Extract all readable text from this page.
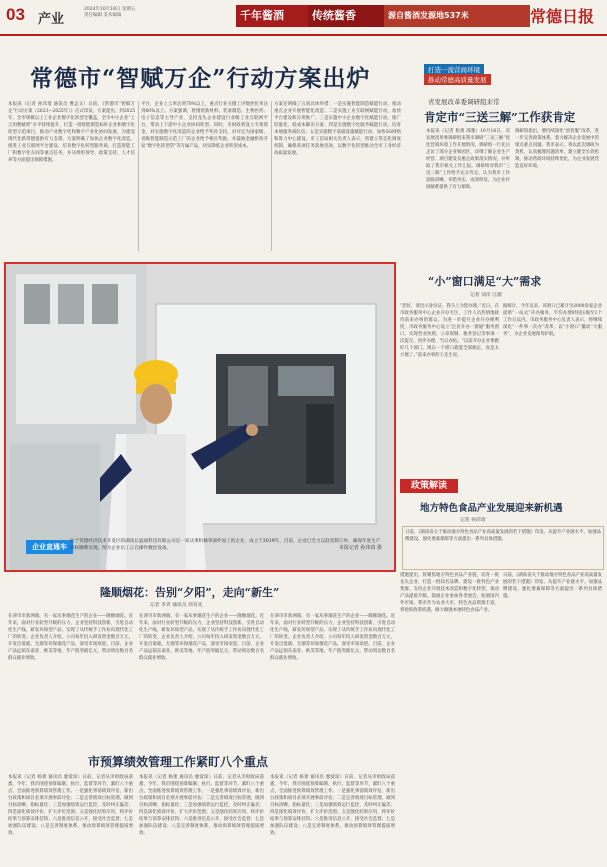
03 产业
2024年10月18日 星期五
责任编辑 美术编辑	千年酱酒	传统酱香	源自酱酒发源地537米	常德日报
常德市“智赋万企”行动方案出炉
本报讯（记者 孙玮琦 通讯员 曹孟文）日前，《常德市“智赋万企”行动方案（2023—2025年）》正式印发。方案提出，到2025年，全市规模以上工业企业数字化转型全覆盖，全市中小企业“上云用数赋智”水平持续提升，打造一批智能制造标杆企业和数字化转型示范项目，推动产业数字化和数字产业化协同发展，为建设现代化新常德提供有力支撑。方案明确了加快企业数字化改造、推进工业互联网平台建设、培育数字化转型服务商、打造智能工厂和数字化车间等重点任务，并从组织领导、政策支持、人才培养等方面提出保障措施。
平台，企业上云率达到70%以上，重点行业关键工序数控化率达到60%以上。方案强调，将围绕新材料、装备制造、生物医药、电子信息等主导产业，支持龙头企业建设行业级工业互联网平台，带动上下游中小企业协同转型。同时，市财政将设立专项资金，对实施数字化改造的企业给予奖补支持，对评定为国家级、省级智能制造示范工厂的企业给予相应奖励，并鼓励金融机构开发“数字化转型贷”等专属产品，切实降低企业转型成本。
方案还明确了五项具体举措：一是实施智能制造赋能行动，推动重点企业开展智能化改造；二是实施工业互联网赋能行动，加快平台建设和应用推广；三是实施中小企业数字化赋能行动，推广轻量化、低成本解决方案；四是实施数字化服务赋能行动，培育本地服务商队伍；五是实施数字基础设施赋能行动，加快5G网络和算力中心建设。市工信局相关负责人表示，将建立常态化调度机制，确保各项任务落地见效，以数字化转型推动全市工业经济高质量发展。
打造一流营商环境
推动常德高质量发展
省发展改革委调研组来常
肯定市“三送三解”工作获肯定
本报讯（记者 杨蕾 邵雅）10月16日，省发展改革委调研组来我市调研“三送三解”优化营商环境工作开展情况。调研组一行先后走访了部分企业和园区，详细了解企业生产经营、项目建设及惠企政策落实情况，并听取了我市相关工作汇报。调研组对我市“三送三解”工作给予充分肯定，认为我市工作思路清晰、举措务实、成效明显，为企业纾困解难提供了有力保障。
调研组指出，要持续深化“放管服”改革，进一步完善政策体系，着力解决企业发展中的堵点难点问题。我市表示，将以此次调研为契机，认真梳理问题清单，建立健全长效机制，推动营商环境持续优化，为企业发展营造良好环境。
企业直通车
位于常德经济技术开发区的湖南长盛通科技有限公司是一家从事机械零部件加工的企业，成立于2019年。目前，企业已全力以赴赶制订单，确保年度生产目标顺利实现。图为企业员工正在操作数控设备。	本报记者 孙玮琦 摄
“小”窗口满足“大”需求
记者 刘洋 江薇
“您好，请出示身份证，我马上为您办理。”近日，在市政务服务中心企业开办专区，工作人员热情地接待前来办事的群众。为进一步提升企业开办便利度，市政务服务中心设立“企业开办一窗通”服务窗口，实现营业执照、公章刻制、税务登记等事项一次提交、同步办理、当日办结。“以前开办企业要跑好几个部门，现在一个窗口就能全部搞定，真是太方便了。”前来办事的王先生说。
据统计，今年以来，该窗口已累计为2000余家企业提供“一站式”开办服务，平均办理时间压缩至1个工作日以内。市政务服务中心负责人表示，将继续深化“一件事一次办”改革，以“小窗口”撬动“大服务”，为企业发展保驾护航。
政策解读
地方特色食品产业发展迎来新机遇
记者 孙玮琦
日前，《湖南省关于推动地方特色食品产业高质量发展的若干措施》印发，从提升产业链水平、加强品牌建设、强化要素保障等方面提出一系列具体措施。
措施提出，将聚焦地方特色食品产业链，培育一批龙头企业，打造一批知名品牌，建设一批特色产业集群。支持企业开展技术改造和数字化转型，推动产品提质升级。鼓励企业参加各类展会，拓展国内外市场。我市作为农业大市，特色食品资源丰富，将抢抓政策机遇，做大做强本地特色食品产业。
日前，《湖南省关于推动地方特色食品产业高质量发展的若干措施》印发，从提升产业链水平、加强品牌建设、强化要素保障等方面提出一系列具体措施。
隆顺烟花：告别“夕阳”，走向“新生”
记者 李青 通讯员 周育先
在津市市新洲镇，有一家从事烟花生产的企业——隆顺烟花。近年来，面对行业转型升级的压力，企业坚持科技创新，引进自动化生产线，研发环保型产品，实现了从传统手工作坊向现代化工厂的转变。企业负责人介绍，公司每年投入研发资金数百万元，开发出低硫、无烟等环保烟花产品，深受市场欢迎。目前，企业产品远销东南亚、欧美等地，年产值突破亿元，带动周边数百名群众就业增收。
在津市市新洲镇，有一家从事烟花生产的企业——隆顺烟花。近年来，面对行业转型升级的压力，企业坚持科技创新，引进自动化生产线，研发环保型产品，实现了从传统手工作坊向现代化工厂的转变。企业负责人介绍，公司每年投入研发资金数百万元，开发出低硫、无烟等环保烟花产品，深受市场欢迎。目前，企业产品远销东南亚、欧美等地，年产值突破亿元，带动周边数百名群众就业增收。
在津市市新洲镇，有一家从事烟花生产的企业——隆顺烟花。近年来，面对行业转型升级的压力，企业坚持科技创新，引进自动化生产线，研发环保型产品，实现了从传统手工作坊向现代化工厂的转变。企业负责人介绍，公司每年投入研发资金数百万元，开发出低硫、无烟等环保烟花产品，深受市场欢迎。目前，企业产品远销东南亚、欧美等地，年产值突破亿元，带动周边数百名群众就业增收。
市预算绩效管理工作紧盯八个重点
本报讯（记者 杨蕾 通讯员 廖爱琼）日前，记者从市财政局获悉，今年，我市围绕预算编制、执行、监督等环节，紧盯八个重点，全面推进预算绩效管理工作。一是强化事前绩效评估，新出台政策和项目必须开展事前评估；二是完善绩效目标管理，做到目标清晰、指标量化；三是加强绩效运行监控，及时纠正偏差；四是深化绩效评价，扩大评价范围；五是强化结果应用，将评价结果与预算安排挂钩；六是推进信息公开，接受社会监督；七是加强队伍建设；八是完善制度体系，推动预算绩效管理提质增效。
本报讯（记者 杨蕾 通讯员 廖爱琼）日前，记者从市财政局获悉，今年，我市围绕预算编制、执行、监督等环节，紧盯八个重点，全面推进预算绩效管理工作。一是强化事前绩效评估，新出台政策和项目必须开展事前评估；二是完善绩效目标管理，做到目标清晰、指标量化；三是加强绩效运行监控，及时纠正偏差；四是深化绩效评价，扩大评价范围；五是强化结果应用，将评价结果与预算安排挂钩；六是推进信息公开，接受社会监督；七是加强队伍建设；八是完善制度体系，推动预算绩效管理提质增效。
本报讯（记者 杨蕾 通讯员 廖爱琼）日前，记者从市财政局获悉，今年，我市围绕预算编制、执行、监督等环节，紧盯八个重点，全面推进预算绩效管理工作。一是强化事前绩效评估，新出台政策和项目必须开展事前评估；二是完善绩效目标管理，做到目标清晰、指标量化；三是加强绩效运行监控，及时纠正偏差；四是深化绩效评价，扩大评价范围；五是强化结果应用，将评价结果与预算安排挂钩；六是推进信息公开，接受社会监督；七是加强队伍建设；八是完善制度体系，推动预算绩效管理提质增效。
